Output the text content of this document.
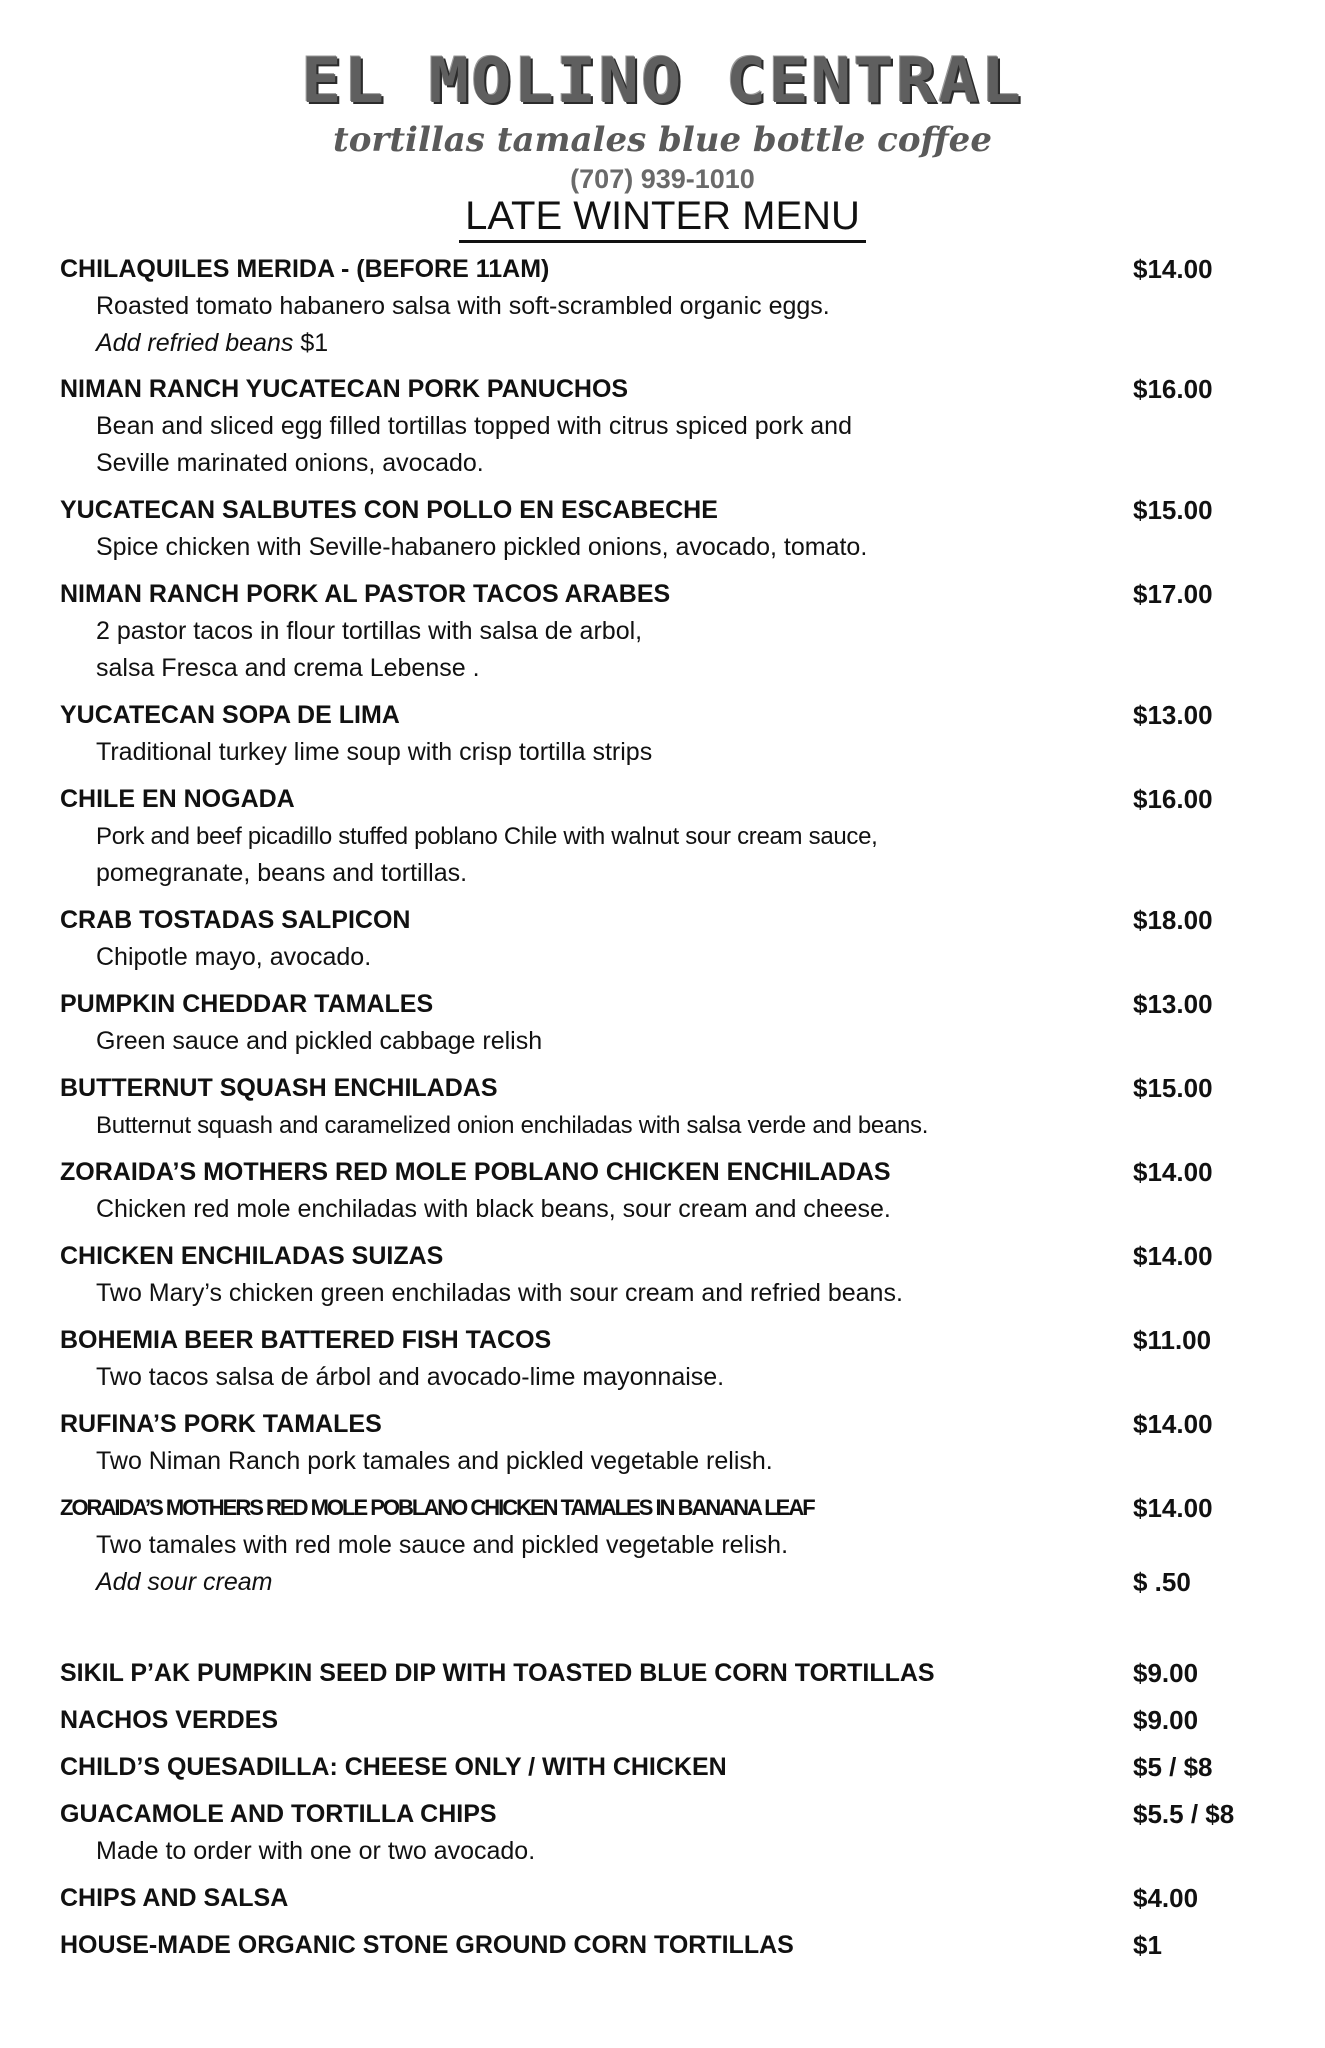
EL MOLINO CENTRAL
tortillas tamales blue bottle coffee
(707) 939-1010
LATE WINTER MENU
CHILAQUILES MERIDA - (BEFORE 11AM)	$14.00
Roasted tomato habanero salsa with soft-scrambled organic eggs.
Add refried beans $1
NIMAN RANCH YUCATECAN PORK PANUCHOS	$16.00
Bean and sliced egg filled tortillas topped with citrus spiced pork and
Seville marinated onions, avocado.
YUCATECAN SALBUTES CON POLLO EN ESCABECHE	$15.00
Spice chicken with Seville-habanero pickled onions, avocado, tomato.
NIMAN RANCH PORK AL PASTOR TACOS ARABES	$17.00
2 pastor tacos in flour tortillas with salsa de arbol,
salsa Fresca and crema Lebense .
YUCATECAN SOPA DE LIMA	$13.00
Traditional turkey lime soup with crisp tortilla strips
CHILE EN NOGADA	$16.00
Pork and beef picadillo stuffed poblano Chile with walnut sour cream sauce,
pomegranate, beans and tortillas.
CRAB TOSTADAS SALPICON	$18.00
Chipotle mayo, avocado.
PUMPKIN CHEDDAR TAMALES	$13.00
Green sauce and pickled cabbage relish
BUTTERNUT SQUASH ENCHILADAS	$15.00
Butternut squash and caramelized onion enchiladas with salsa verde and beans.
ZORAIDA’S MOTHERS RED MOLE POBLANO CHICKEN ENCHILADAS	$14.00
Chicken red mole enchiladas with black beans, sour cream and cheese.
CHICKEN ENCHILADAS SUIZAS	$14.00
Two Mary’s chicken green enchiladas with sour cream and refried beans.
BOHEMIA BEER BATTERED FISH TACOS	$11.00
Two tacos salsa de árbol and avocado-lime mayonnaise.
RUFINA’S PORK TAMALES	$14.00
Two Niman Ranch pork tamales and pickled vegetable relish.
ZORAIDA’S MOTHERS RED MOLE POBLANO CHICKEN TAMALES IN BANANA LEAF	$14.00
Two tamales with red mole sauce and pickled vegetable relish.
Add sour cream	$ .50
SIKIL P’AK PUMPKIN SEED DIP WITH TOASTED BLUE CORN TORTILLAS	$9.00
NACHOS VERDES	$9.00
CHILD’S QUESADILLA: CHEESE ONLY / WITH CHICKEN	$5 / $8
GUACAMOLE AND TORTILLA CHIPS	$5.5 / $8
Made to order with one or two avocado.
CHIPS AND SALSA	$4.00
HOUSE-MADE ORGANIC STONE GROUND CORN TORTILLAS	$1
